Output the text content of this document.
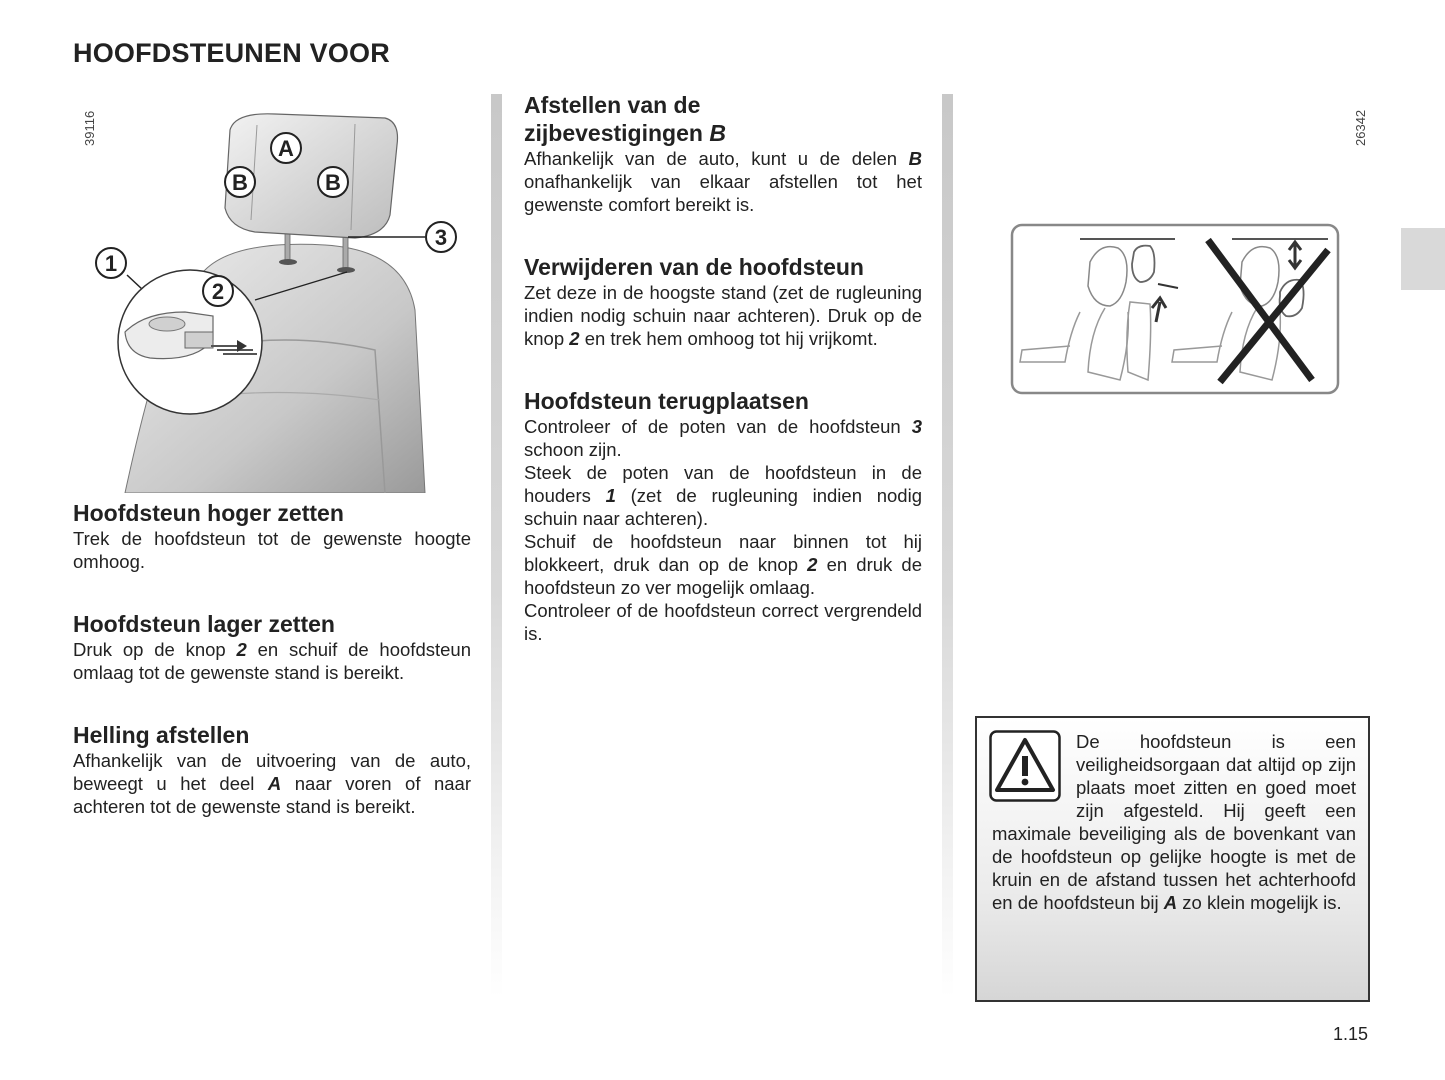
HOOFDSTEUNEN VOOR
39116	26342
A
B	B
1
2
3

Hoofdsteun hoger zetten

Trek de hoofdsteun tot de gewenste hoogte omhoog.

Hoofdsteun lager zetten

Druk op de knop 2 en schuif de hoofdsteun omlaag tot de gewenste stand is bereikt.

Helling afstellen

Afhankelijk van de uitvoering van de auto, beweegt u het deel A naar voren of naar achteren tot de gewenste stand is bereikt.

Afstellen van de
zijbevestigingen B

Afhankelijk van de auto, kunt u de delen B onafhankelijk van elkaar afstellen tot het gewenste comfort bereikt is.

Verwijderen van de hoofdsteun

Zet deze in de hoogste stand (zet de rugleuning indien nodig schuin naar achteren). Druk op de knop 2 en trek hem omhoog tot hij vrijkomt.

Hoofdsteun terugplaatsen

Controleer of de poten van de hoofdsteun 3 schoon zijn.

Steek de poten van de hoofdsteun in de houders 1 (zet de rugleuning indien nodig schuin naar achteren).

Schuif de hoofdsteun naar binnen tot hij blokkeert, druk dan op de knop 2 en druk de hoofdsteun zo ver mogelijk omlaag.

Controleer of de hoofdsteun correct vergrendeld is.

De hoofdsteun is een veiligheidsorgaan dat altijd op zijn plaats moet zitten en goed moet zijn afgesteld. Hij geeft een maximale beveiliging als de bovenkant van de hoofdsteun op gelijke hoogte is met de kruin en de afstand tussen het achterhoofd en de hoofdsteun bij A zo klein mogelijk is.

1.15
